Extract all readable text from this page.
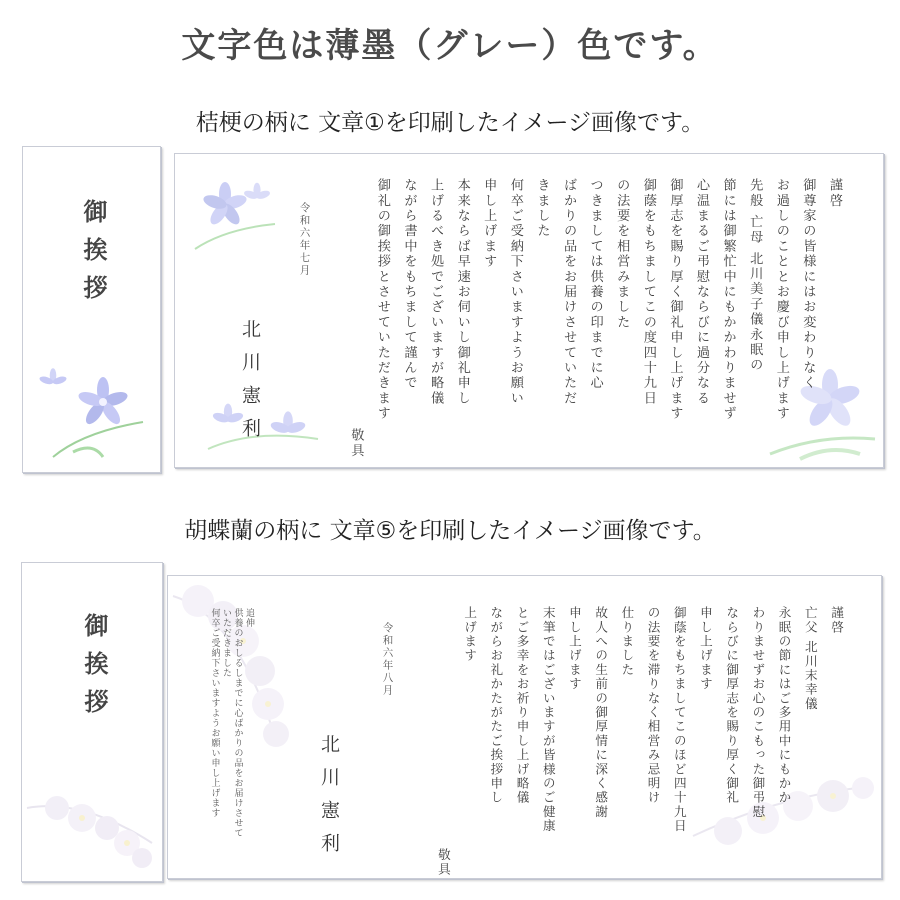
文字色は薄墨（グレー）色です。
桔梗の柄に 文章①を印刷したイメージ画像です。
胡蝶蘭の柄に 文章⑤を印刷したイメージ画像です。
御挨拶
謹啓
御尊家の皆様にはお変わりなく
お過しのこととお慶び申し上げます
先般 亡母 北川美子儀永眠の
節には御繁忙中にもかかわりませず
心温まるご弔慰ならびに過分なる
御厚志を賜り厚く御礼申し上げます
御蔭をもちましてこの度四十九日
の法要を相営みました
つきましては供養の印までに心
ばかりの品をお届けさせていただ
きました
何卒ご受納下さいますようお願い
申し上げます
本来ならば早速お伺いし御礼申し
上げるべき処でございますが略儀
ながら書中をもちまして謹んで
御礼の御挨拶とさせていただきます
敬具
令和六年七月
北川憲利
御挨拶	追伸
供養のおしるしまでに心ばかりの品をお届けさせて
いただきました
何卒ご受納下さいますようお願い申し上げます	謹啓
亡父 北川末幸儀
永眠の節にはご多用中にもかか
わりませずお心のこもった御弔慰
ならびに御厚志を賜り厚く御礼
申し上げます
御蔭をもちましてこのほど四十九日
の法要を滞りなく相営み忌明け
仕りました
故人への生前の御厚情に深く感謝
申し上げます
末筆ではございますが皆様のご健康
とご多幸をお祈り申し上げ略儀
ながらお礼かたがたご挨拶申し
上げます
敬具
令和六年八月
北川憲利
